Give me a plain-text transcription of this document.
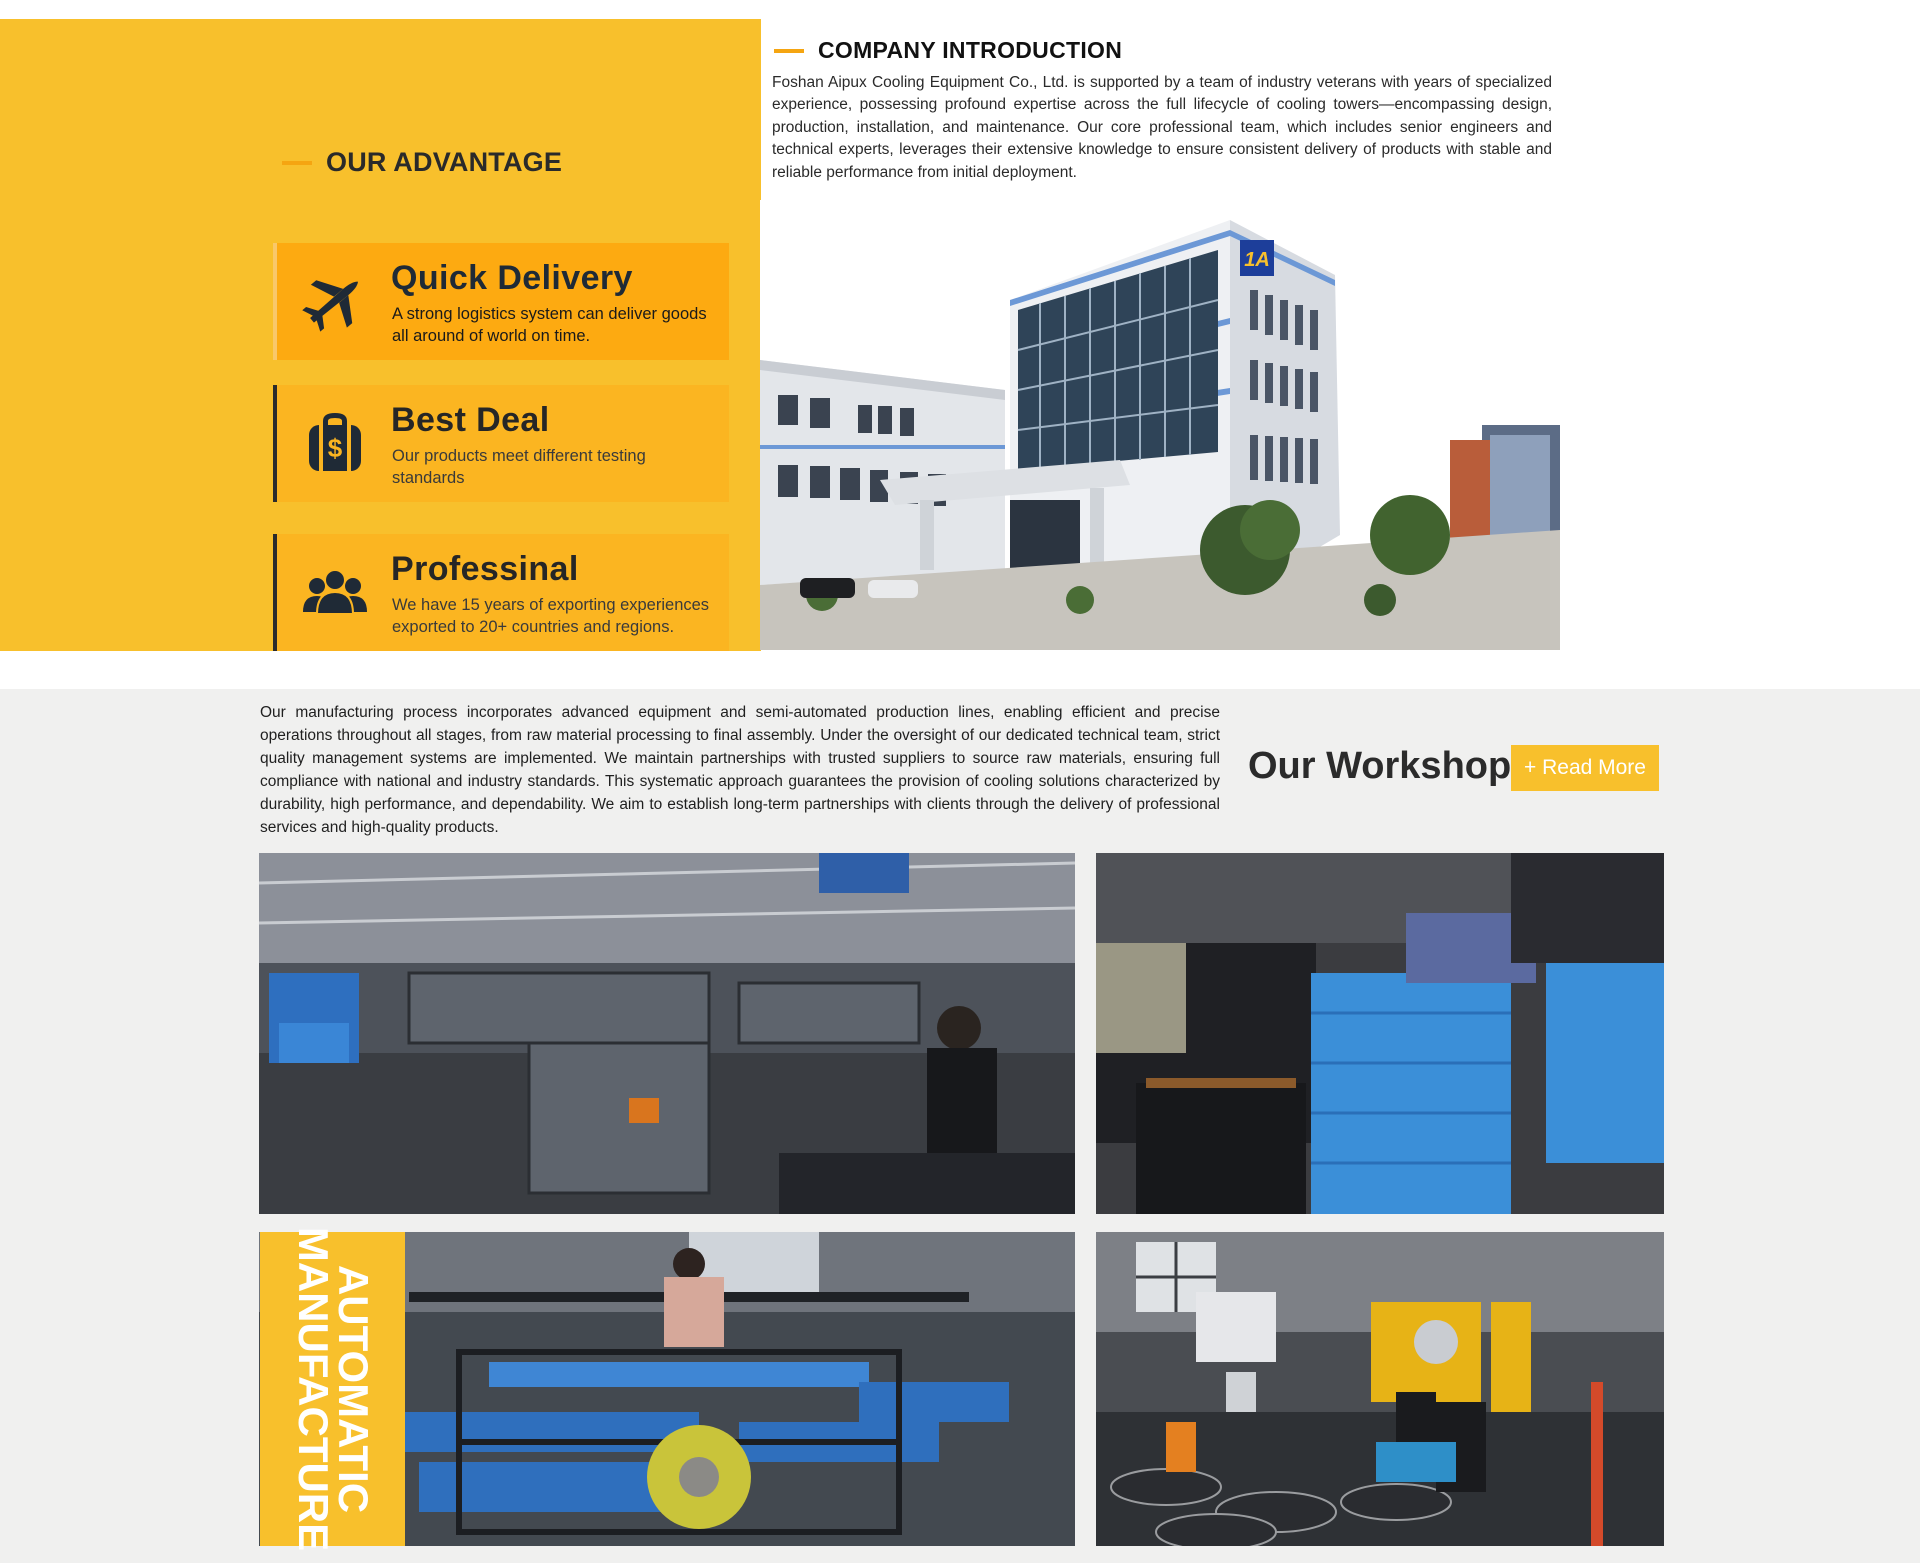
OUR ADVANTAGE
Quick Delivery
A strong logistics system can deliver goods all around of world on time.
$
Best Deal
Our products meet different testing standards
Professinal
We have 15 years of exporting experiences exported to 20+ countries and regions.
COMPANY INTRODUCTION

Foshan Aipux Cooling Equipment Co., Ltd. is supported by a team of industry veterans with years of specialized experience, possessing profound expertise across the full lifecycle of cooling towers—encompassing design, production, installation, and maintenance. Our core professional team, which includes senior engineers and technical experts, leverages their extensive knowledge to ensure consistent delivery of products with stable and reliable performance from initial deployment.

1A

Our manufacturing process incorporates advanced equipment and semi-automated production lines, enabling efficient and precise operations throughout all stages, from raw material processing to final assembly. Under the oversight of our dedicated technical team, strict quality management systems are implemented. We maintain partnerships with trusted suppliers to source raw materials, ensuring full compliance with national and industry standards. This systematic approach guarantees the provision of cooling solutions characterized by durability, high performance, and dependability. We aim to establish long-term partnerships with clients through the delivery of professional services and high-quality products.

Our Workshop + Read More
AUTOMATIC
MANUFACTURE
